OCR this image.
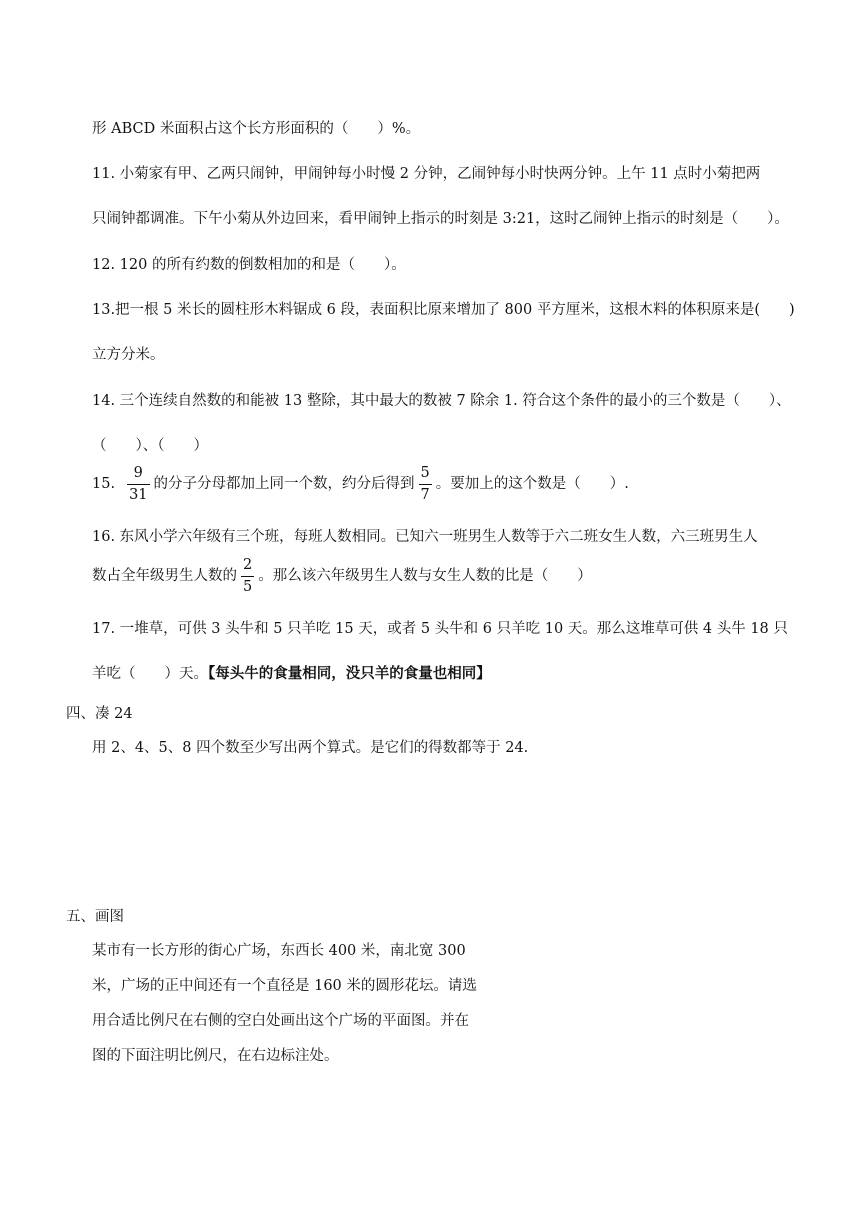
形 ABCD 米面积占这个长方形面积的（　　）%。
11. 小菊家有甲、乙两只闹钟，甲闹钟每小时慢 2 分钟，乙闹钟每小时快两分钟。上午 11 点时小菊把两
只闹钟都调准。下午小菊从外边回来，看甲闹钟上指示的时刻是 3:21，这时乙闹钟上指示的时刻是（　　）。
12. 120 的所有约数的倒数相加的和是（　　）。
13.把一根 5 米长的圆柱形木料锯成 6 段，表面积比原来增加了 800 平方厘米，这根木料的体积原来是(　　)
立方分米。
14. 三个连续自然数的和能被 13 整除，其中最大的数被 7 除余 1. 符合这个条件的最小的三个数是（　　）、
（　　）、（　　）
15. $\frac{9}{31}$ 的分子分母都加上同一个数，约分后得到 $\frac{5}{7}$ 。要加上的这个数是（　　）.
16. 东风小学六年级有三个班，每班人数相同。已知六一班男生人数等于六二班女生人数，六三班男生人
数占全年级男生人数的 $\frac{2}{5}$ 。那么该六年级男生人数与女生人数的比是（　　）
17. 一堆草，可供 3 头牛和 5 只羊吃 15 天，或者 5 头牛和 6 只羊吃 10 天。那么这堆草可供 4 头牛 18 只
羊吃（　　）天。【每头牛的食量相同，没只羊的食量也相同】
四、凑 24
用 2、4、5、8 四个数至少写出两个算式。是它们的得数都等于 24.
五、画图
某市有一长方形的街心广场，东西长 400 米，南北宽 300
米，广场的正中间还有一个直径是 160 米的圆形花坛。请选
用合适比例尺在右侧的空白处画出这个广场的平面图。并在
图的下面注明比例尺，在右边标注处。
